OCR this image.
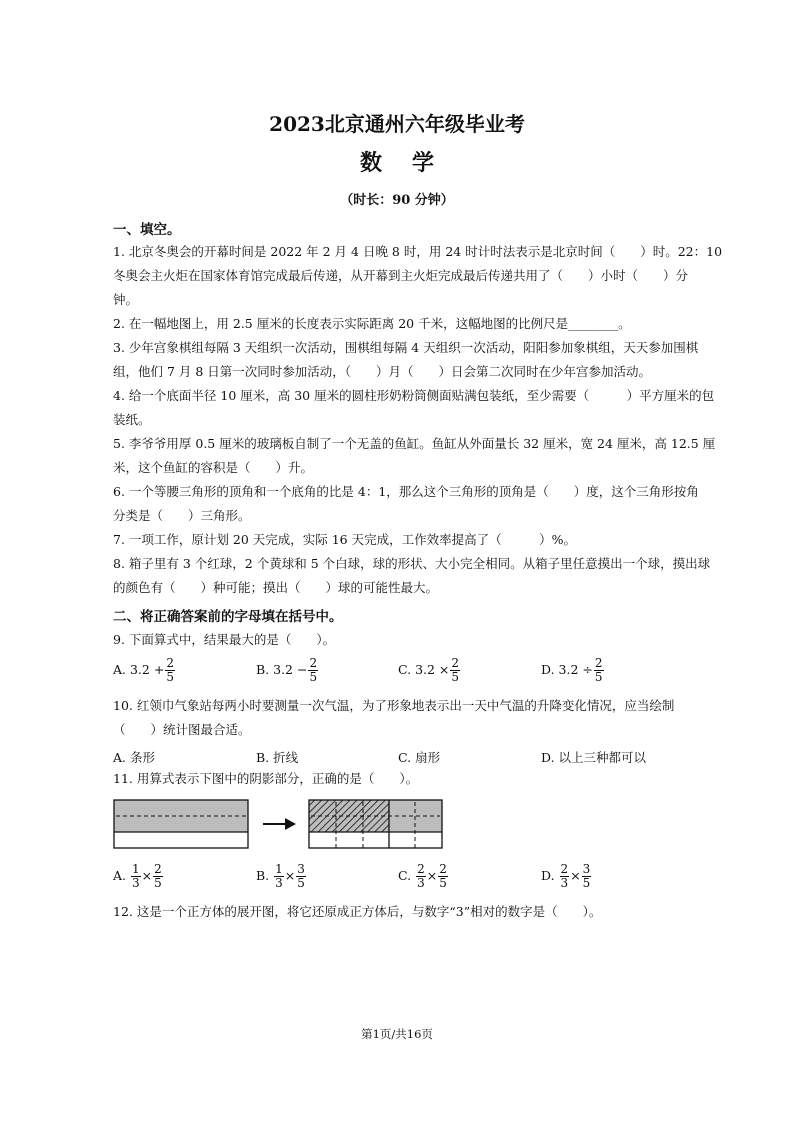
2023北京通州六年级毕业考
数学
（时长：90 分钟）
一、填空。
1. 北京冬奥会的开幕时间是 2022 年 2 月 4 日晚 8 时，用 24 时计时法表示是北京时间（　　）时。22：10
冬奥会主火炬在国家体育馆完成最后传递，从开幕到主火炬完成最后传递共用了（　　）小时（　　）分
钟。
2. 在一幅地图上，用 2.5 厘米的长度表示实际距离 20 千米，这幅地图的比例尺是________。
3. 少年宫象棋组每隔 3 天组织一次活动，围棋组每隔 4 天组织一次活动，阳阳参加象棋组，天天参加围棋
组，他们 7 月 8 日第一次同时参加活动，（　　）月（　　）日会第二次同时在少年宫参加活动。
4. 给一个底面半径 10 厘米，高 30 厘米的圆柱形奶粉筒侧面贴满包装纸，至少需要（　　　）平方厘米的包
装纸。
5. 李爷爷用厚 0.5 厘米的玻璃板自制了一个无盖的鱼缸。鱼缸从外面量长 32 厘米，宽 24 厘米，高 12.5 厘
米，这个鱼缸的容积是（　　）升。
6. 一个等腰三角形的顶角和一个底角的比是 4：1，那么这个三角形的顶角是（　　）度，这个三角形按角
分类是（　　）三角形。
7. 一项工作，原计划 20 天完成，实际 16 天完成，工作效率提高了（　　　）%。
8. 箱子里有 3 个红球，2 个黄球和 5 个白球，球的形状、大小完全相同。从箱子里任意摸出一个球，摸出球
的颜色有（　　）种可能；摸出（　　）球的可能性最大。
二、将正确答案前的字母填在括号中。
9. 下面算式中，结果最大的是（　　）。
A. $3.2 + \frac{2}{5}$	B. $3.2 - \frac{2}{5}$	C. $3.2 \times \frac{2}{5}$	D. $3.2 \div \frac{2}{5}$
10. 红领巾气象站每两小时要测量一次气温，为了形象地表示出一天中气温的升降变化情况，应当绘制
（　　）统计图最合适。
A. 条形	B. 折线	C. 扇形	D. 以上三种都可以
11. 用算式表示下图中的阴影部分，正确的是（　　）。
A. $\frac{1}{3} \times \frac{2}{5}$	B. $\frac{1}{3} \times \frac{3}{5}$	C. $\frac{2}{3} \times \frac{2}{5}$	D. $\frac{2}{3} \times \frac{3}{5}$
12. 这是一个正方体的展开图，将它还原成正方体后，与数字“3”相对的数字是（　　）。
第1页/共16页
